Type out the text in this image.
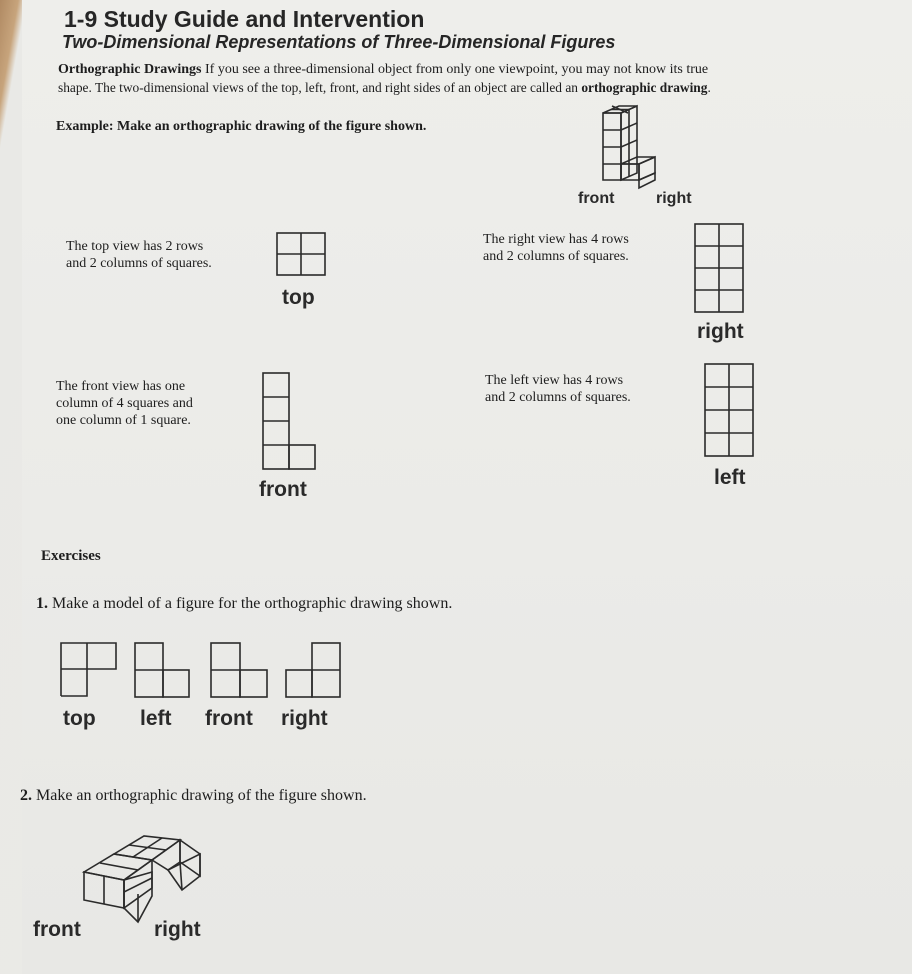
1-9 Study Guide and Intervention
Two-Dimensional Representations of Three-Dimensional Figures
Orthographic Drawings If you see a three-dimensional object from only one viewpoint, you may not know its true
shape. The two-dimensional views of the top, left, front, and right sides of an object are called an orthographic drawing.
Example: Make an orthographic drawing of the figure shown.
front	right
The top view has 2 rows
and 2 columns of squares.
top
The right view has 4 rows
and 2 columns of squares.
right
The front view has one
column of 4 squares and
one column of 1 square.
front
The left view has 4 rows
and 2 columns of squares.
left
Exercises
1. Make a model of a figure for the orthographic drawing shown.
top left front right
2. Make an orthographic drawing of the figure shown.
front	right
